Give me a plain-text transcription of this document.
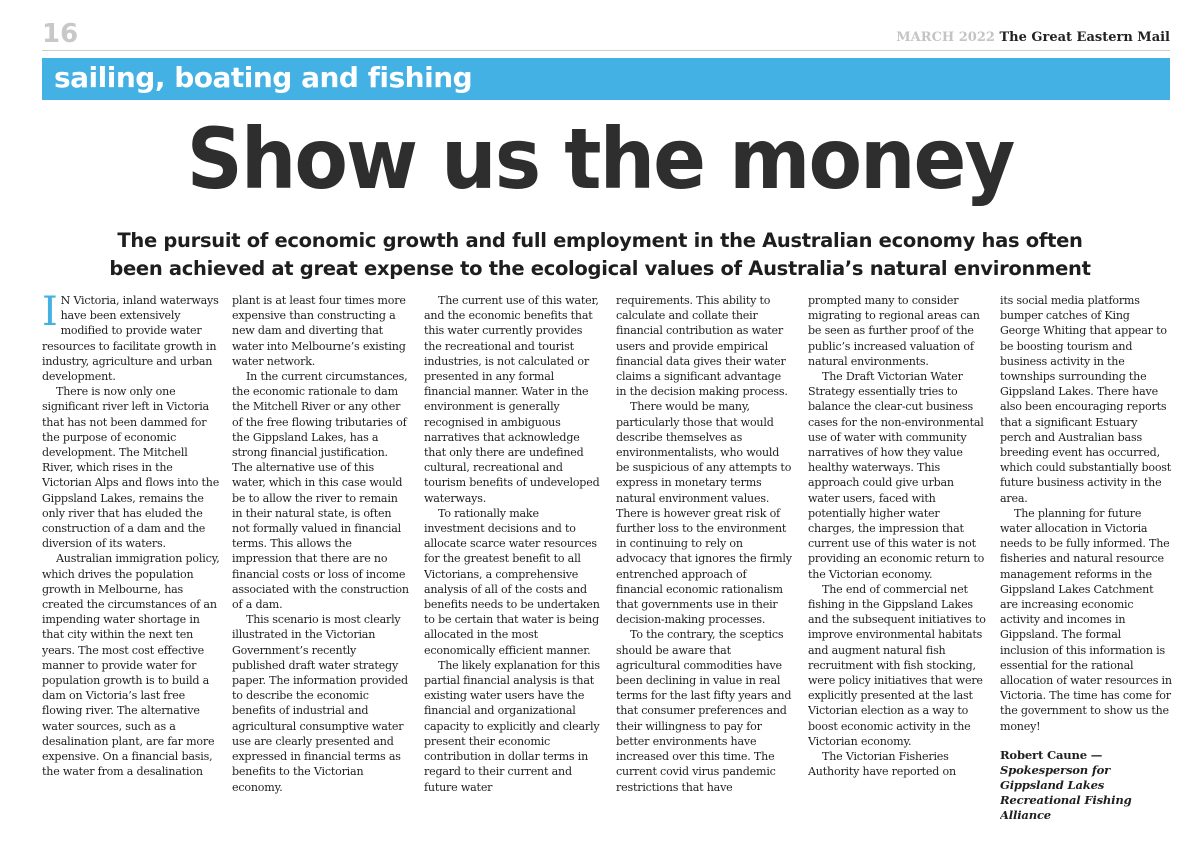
16	MARCH 2022 The Great Eastern Mail
sailing, boating and fishing
Show us the money
The pursuit of economic growth and full employment in the Australian economy has often
been achieved at great expense to the ecological values of Australia’s natural environment

I N Victoria, inland waterways have been extensively modified to provide water resources to facilitate growth in industry, agriculture and urban development.

There is now only one significant river left in Victoria that has not been dammed for the purpose of economic development. The Mitchell River, which rises in the Victorian Alps and flows into the Gippsland Lakes, remains the only river that has eluded the construction of a dam and the diversion of its waters.

Australian immigration policy, which drives the population growth in Melbourne, has created the circumstances of an impending water shortage in that city within the next ten years. The most cost effective manner to provide water for population growth is to build a dam on Victoria’s last free flowing river. The alternative water sources, such as a desalination plant, are far more expensive. On a financial basis, the water from a desalination

plant is at least four times more expensive than constructing a new dam and diverting that water into Melbourne’s existing water network.

In the current circumstances, the economic rationale to dam the Mitchell River or any other of the free flowing tributaries of the Gippsland Lakes, has a strong financial justification. The alternative use of this water, which in this case would be to allow the river to remain in their natural state, is often not formally valued in financial terms. This allows the impression that there are no financial costs or loss of income associated with the construction of a dam.

This scenario is most clearly illustrated in the Victorian Government’s recently published draft water strategy paper. The information provided to describe the economic benefits of industrial and agricultural consumptive water use are clearly presented and expressed in financial terms as benefits to the Victorian economy.

The current use of this water, and the economic benefits that this water currently provides the recreational and tourist industries, is not calculated or presented in any formal financial manner. Water in the environment is generally recognised in ambiguous narratives that acknowledge that only there are undefined cultural, recreational and tourism benefits of undeveloped waterways.

To rationally make investment decisions and to allocate scarce water resources for the greatest benefit to all Victorians, a comprehensive analysis of all of the costs and benefits needs to be undertaken to be certain that water is being allocated in the most economically efficient manner.

The likely explanation for this partial financial analysis is that existing water users have the financial and organizational capacity to explicitly and clearly present their economic contribution in dollar terms in regard to their current and future water

requirements. This ability to calculate and collate their financial contribution as water users and provide empirical financial data gives their water claims a significant advantage in the decision making process.

There would be many, particularly those that would describe themselves as environmentalists, who would be suspicious of any attempts to express in monetary terms natural environment values. There is however great risk of further loss to the environment in continuing to rely on advocacy that ignores the firmly entrenched approach of financial economic rationalism that governments use in their decision-making processes.

To the contrary, the sceptics should be aware that agricultural commodities have been declining in value in real terms for the last fifty years and that consumer preferences and their willingness to pay for better environments have increased over this time. The current covid virus pandemic restrictions that have

prompted many to consider migrating to regional areas can be seen as further proof of the public’s increased valuation of natural environments.

The Draft Victorian Water Strategy essentially tries to balance the clear-cut business cases for the non-environmental use of water with community narratives of how they value healthy waterways. This approach could give urban water users, faced with potentially higher water charges, the impression that current use of this water is not providing an economic return to the Victorian economy.

The end of commercial net fishing in the Gippsland Lakes and the subsequent initiatives to improve environmental habitats and augment natural fish recruitment with fish stocking, were policy initiatives that were explicitly presented at the last Victorian election as a way to boost economic activity in the Victorian economy.

The Victorian Fisheries Authority have reported on

its social media platforms bumper catches of King George Whiting that appear to be boosting tourism and business activity in the townships surrounding the Gippsland Lakes. There have also been encouraging reports that a significant Estuary perch and Australian bass breeding event has occurred, which could substantially boost future business activity in the area.

The planning for future water allocation in Victoria needs to be fully informed. The fisheries and natural resource management reforms in the Gippsland Lakes Catchment are increasing economic activity and incomes in Gippsland. The formal inclusion of this information is essential for the rational allocation of water resources in Victoria. The time has come for the government to show us the money!

Robert Caune —
Spokesperson for Gippsland Lakes Recreational Fishing Alliance
